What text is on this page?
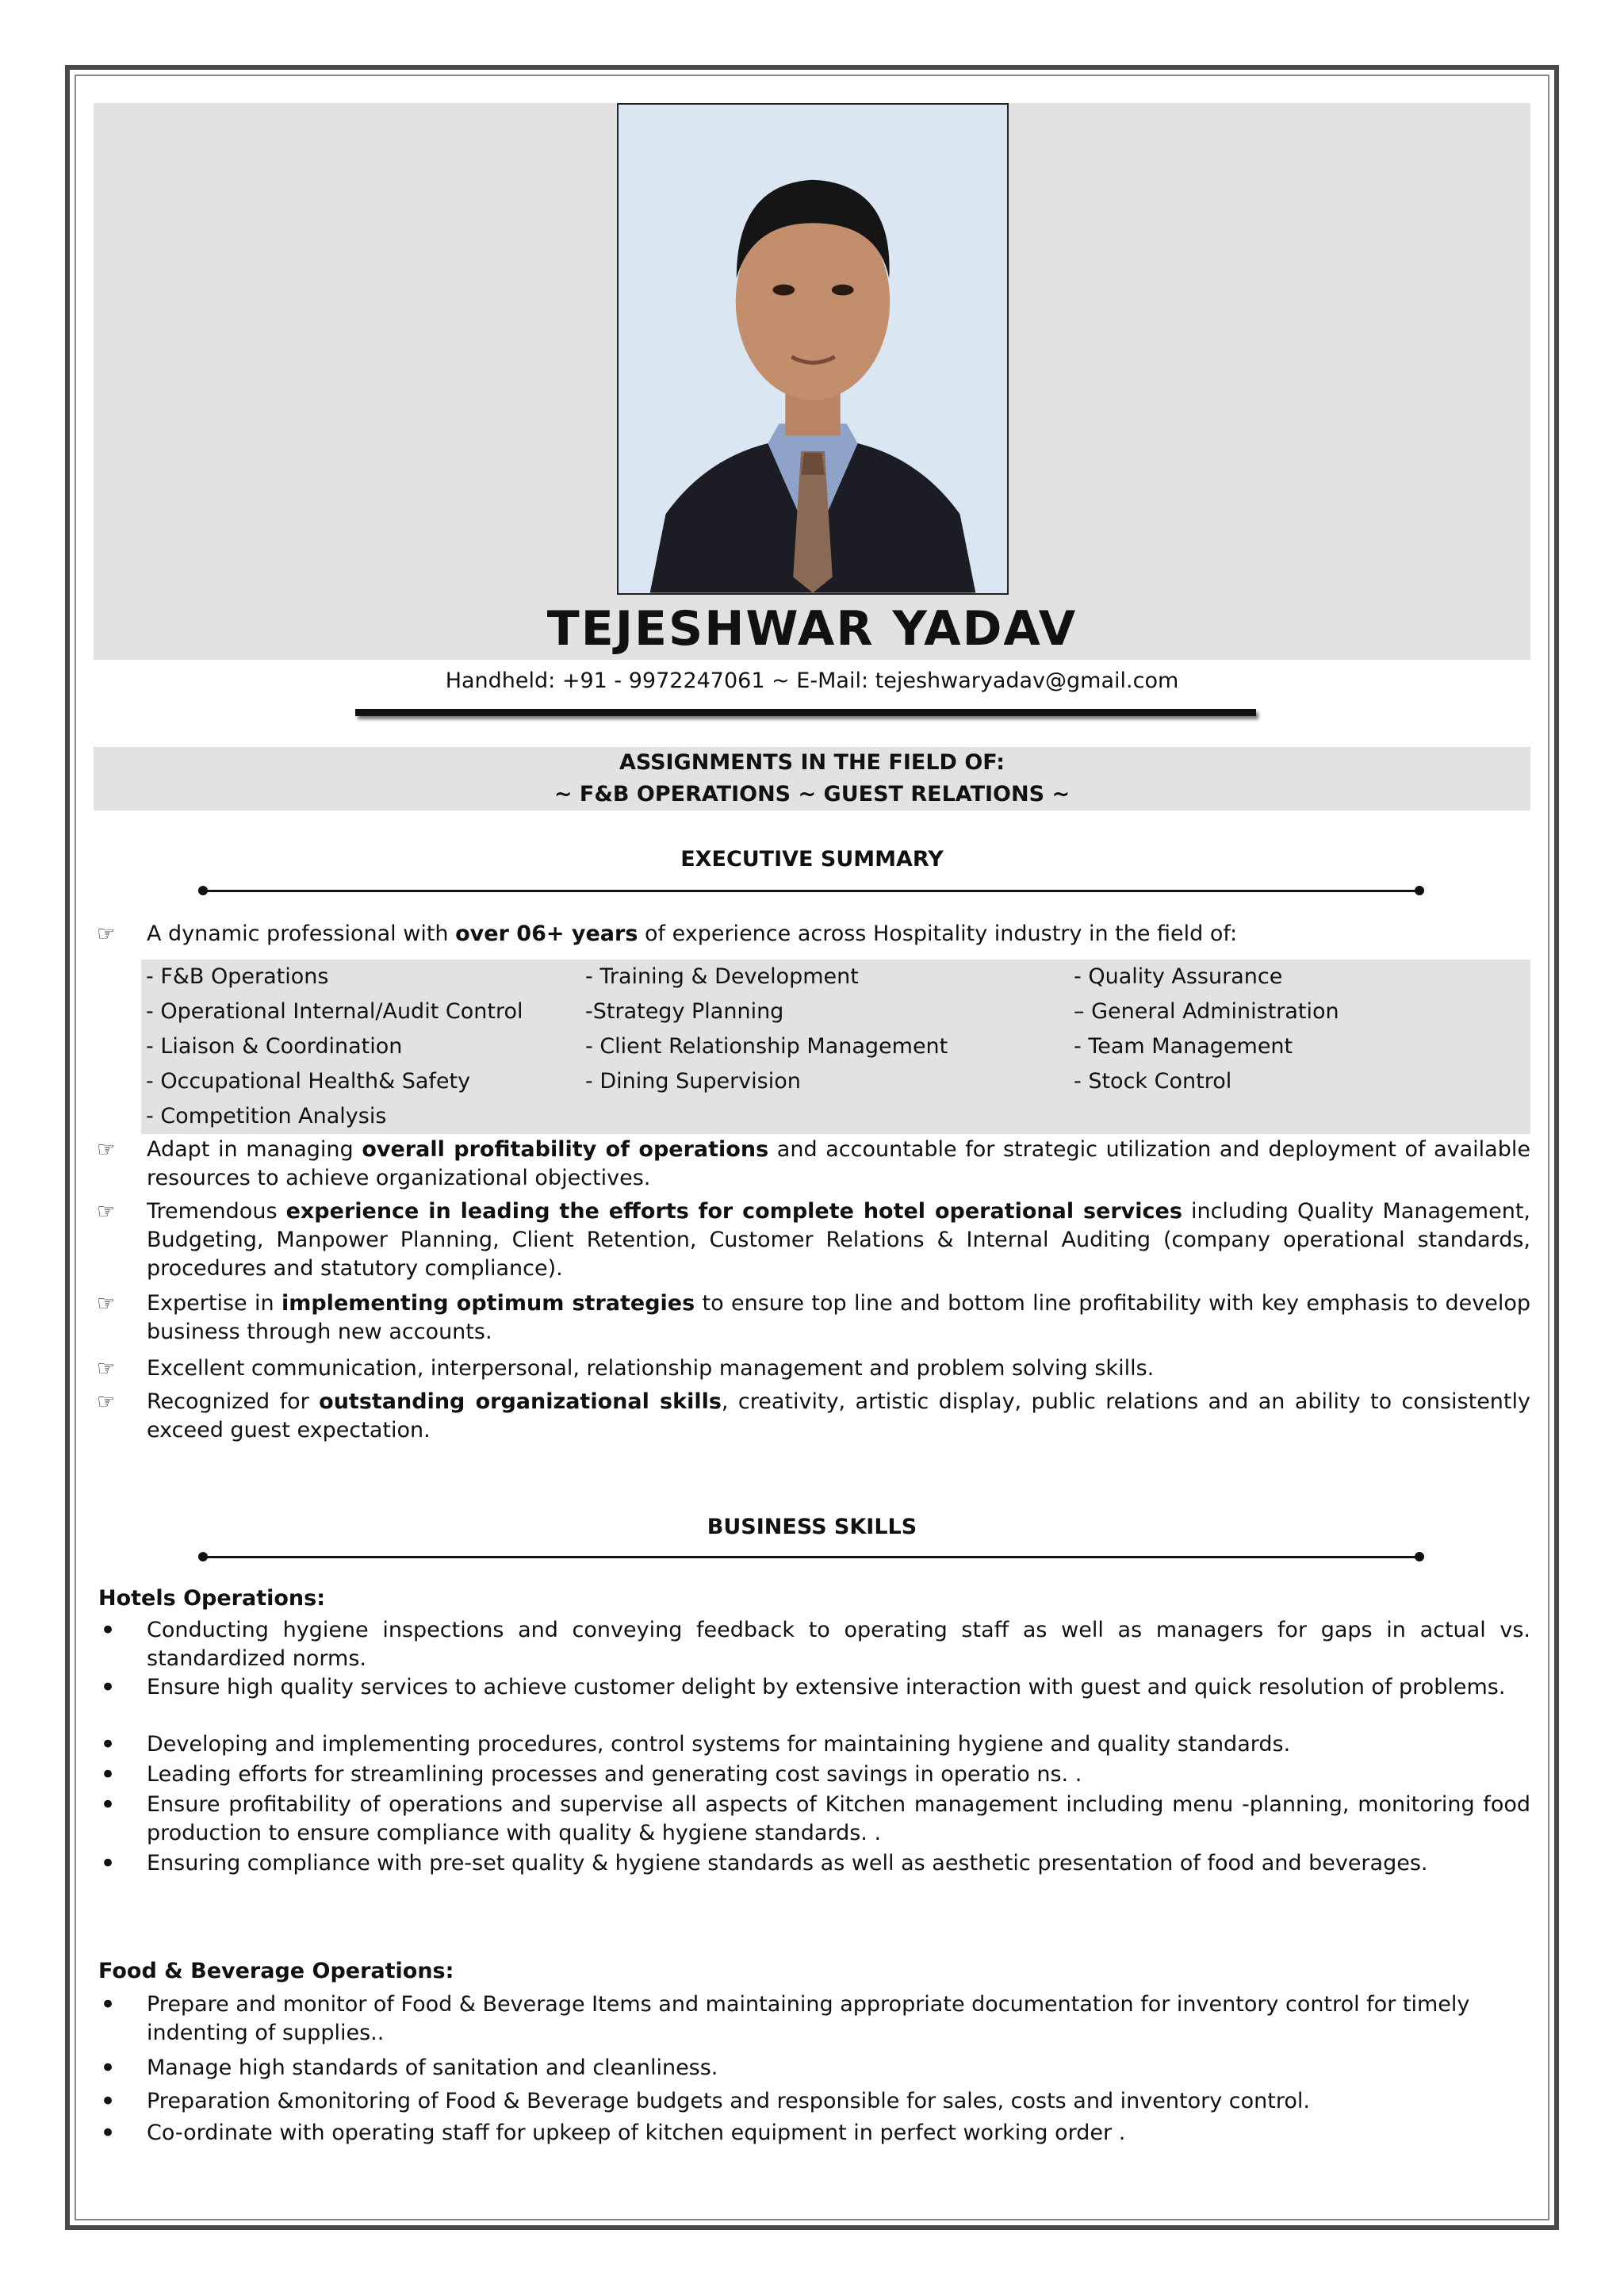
TEJESHWAR YADAV
Handheld: +91 - 9972247061 ~ E-Mail: tejeshwaryadav@gmail.com
ASSIGNMENTS IN THE FIELD OF:
~ F&B OPERATIONS ~ GUEST RELATIONS ~
EXECUTIVE SUMMARY
☞	A dynamic professional with over 06+ years of experience across Hospitality industry in the field of:
- F&B Operations	- Training & Development	- Quality Assurance
- Operational Internal/Audit Control	-Strategy Planning	– General Administration
- Liaison & Coordination	- Client Relationship Management	- Team Management
- Occupational Health& Safety	- Dining Supervision	- Stock Control
- Competition Analysis
☞	Adapt in managing overall profitability of operations and accountable for strategic utilization and deployment of available resources to achieve organizational objectives.
☞	Tremendous experience in leading the efforts for complete hotel operational services including Quality Management, Budgeting, Manpower Planning, Client Retention, Customer Relations & Internal Auditing (company operational standards, procedures and statutory compliance).
☞	Expertise in implementing optimum strategies to ensure top line and bottom line profitability with key emphasis to develop business through new accounts.
☞	Excellent communication, interpersonal, relationship management and problem solving skills.
☞	Recognized for outstanding organizational skills, creativity, artistic display, public relations and an ability to consistently exceed guest expectation.
BUSINESS SKILLS
Hotels Operations:
• Conducting hygiene inspections and conveying feedback to operating staff as well as managers for gaps in actual vs. standardized norms.
• Ensure high quality services to achieve customer delight by extensive interaction with guest and quick resolution of problems.
• Developing and implementing procedures, control systems for maintaining hygiene and quality standards.
• Leading efforts for streamlining processes and generating cost savings in operatio ns. .
• Ensure profitability of operations and supervise all aspects of Kitchen management including menu -planning, monitoring food production to ensure compliance with quality & hygiene standards. .
• Ensuring compliance with pre-set quality & hygiene standards as well as aesthetic presentation of food and beverages.
Food & Beverage Operations:
• Prepare and monitor of Food & Beverage Items and maintaining appropriate documentation for inventory control for timely indenting of supplies..
• Manage high standards of sanitation and cleanliness.
• Preparation &monitoring of Food & Beverage budgets and responsible for sales, costs and inventory control.
• Co-ordinate with operating staff for upkeep of kitchen equipment in perfect working order .
